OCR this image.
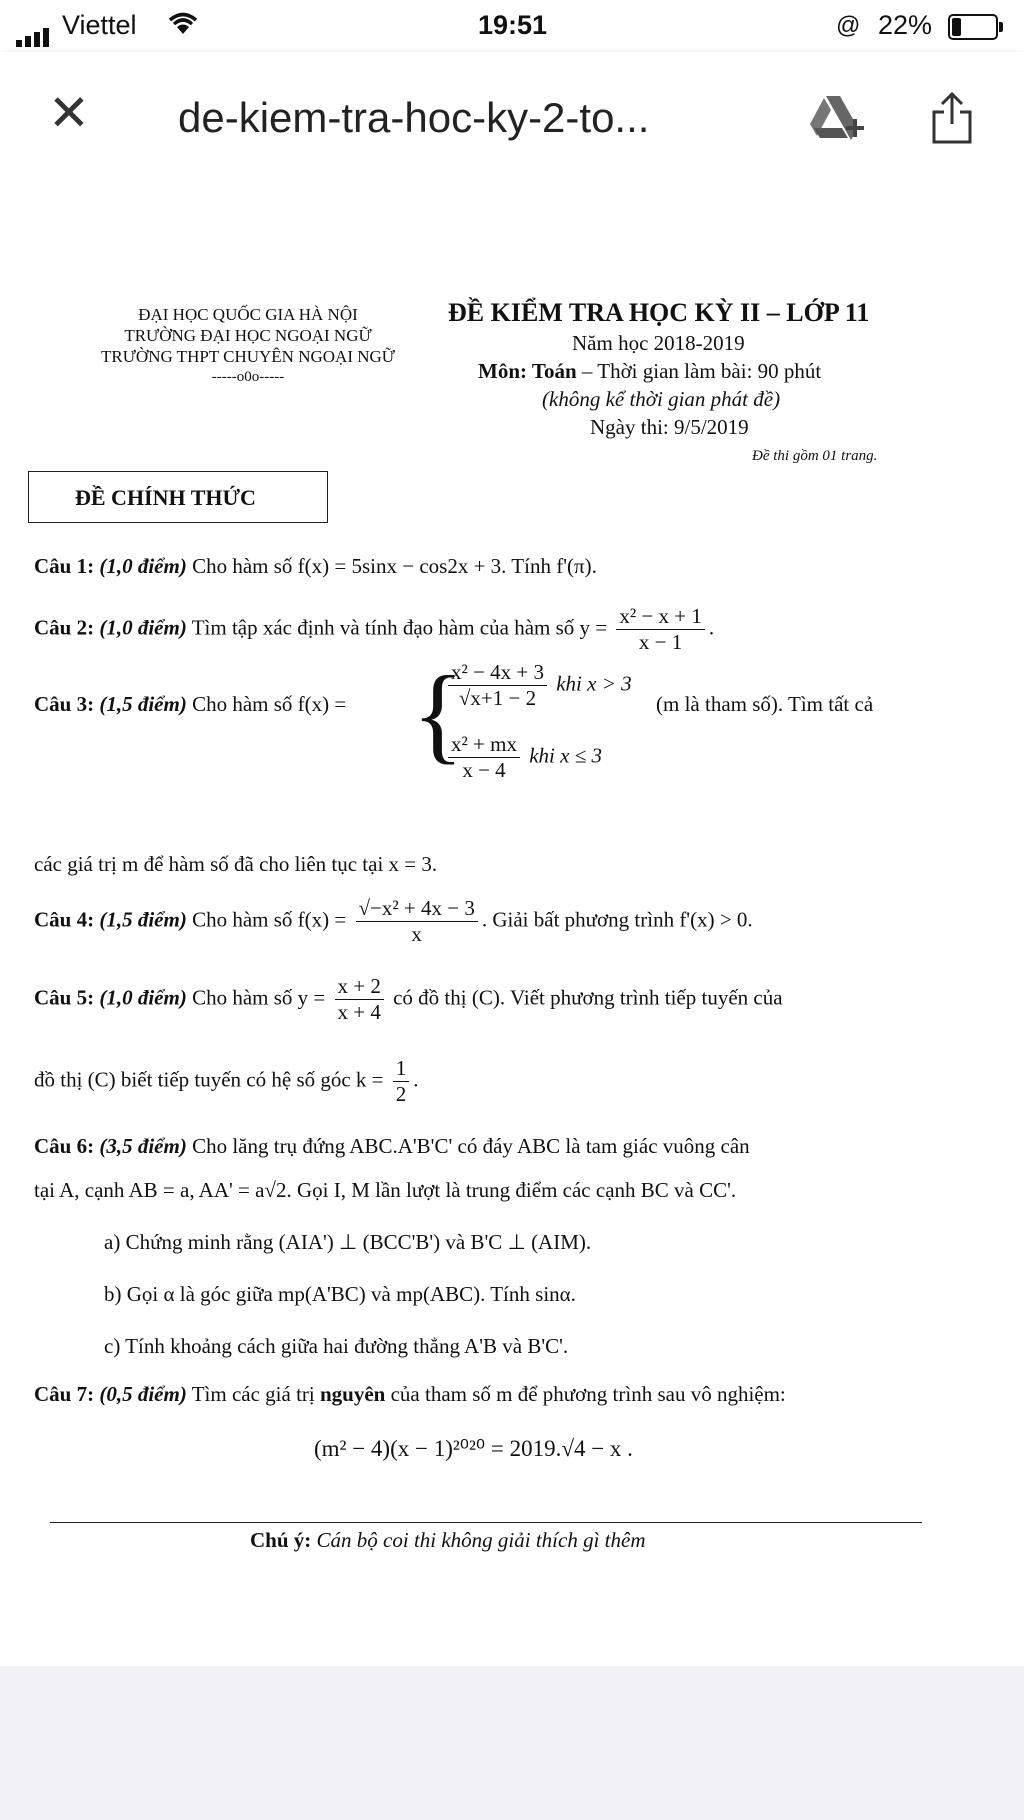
Viettel	19:51	@ 22%
✕ de-kiem-tra-hoc-ky-2-to...
ĐẠI HỌC QUỐC GIA HÀ NỘI
TRƯỜNG ĐẠI HỌC NGOẠI NGỮ
TRƯỜNG THPT CHUYÊN NGOẠI NGỮ
-----o0o-----
ĐỀ KIỂM TRA HỌC KỲ II – LỚP 11
Năm học 2018-2019
Môn: Toán – Thời gian làm bài: 90 phút
(không kể thời gian phát đề)
Ngày thi: 9/5/2019
Đề thi gồm 01 trang.
ĐỀ CHÍNH THỨC
Câu 1: (1,0 điểm) Cho hàm số f(x) = 5sinx − cos2x + 3. Tính f'(π).
Câu 2: (1,0 điểm) Tìm tập xác định và tính đạo hàm của hàm số $y = \frac{\text{x² − x + 1}}{x - 1}$ .
Câu 3: (1,5 điểm) Cho hàm số f(x) = {
$\frac{\text{x² − 4x + 3}}{√x+1 - 2}$ khi x > 3
$\frac{\text{x² + mx}}{x - 4}$ khi x ≤ 3
(m là tham số). Tìm tất cả
các giá trị m để hàm số đã cho liên tục tại x = 3.
Câu 4: (1,5 điểm) Cho hàm số $f(x) = \frac{\text{√−x² + 4x − 3}}{x}$ . Giải bất phương trình f'(x) > 0.
Câu 5: (1,0 điểm) Cho hàm số $y = \frac{x + 2}{x + 4}$ có đồ thị (C). Viết phương trình tiếp tuyến của
đồ thị (C) biết tiếp tuyến có hệ số góc $k = \frac{1}{2}$ .
Câu 6: (3,5 điểm) Cho lăng trụ đứng ABC.A'B'C' có đáy ABC là tam giác vuông cân
tại A, cạnh AB = a, AA' = a√2. Gọi I, M lần lượt là trung điểm các cạnh BC và CC'.
a) Chứng minh rằng (AIA') ⊥ (BCC'B') và B'C ⊥ (AIM).
b) Gọi α là góc giữa mp(A'BC) và mp(ABC). Tính sinα.
c) Tính khoảng cách giữa hai đường thẳng A'B và B'C'.
Câu 7: (0,5 điểm) Tìm các giá trị nguyên của tham số m để phương trình sau vô nghiệm:
(m² − 4)(x − 1)²⁰²⁰ = 2019.√4 − x .
Chú ý: Cán bộ coi thi không giải thích gì thêm
